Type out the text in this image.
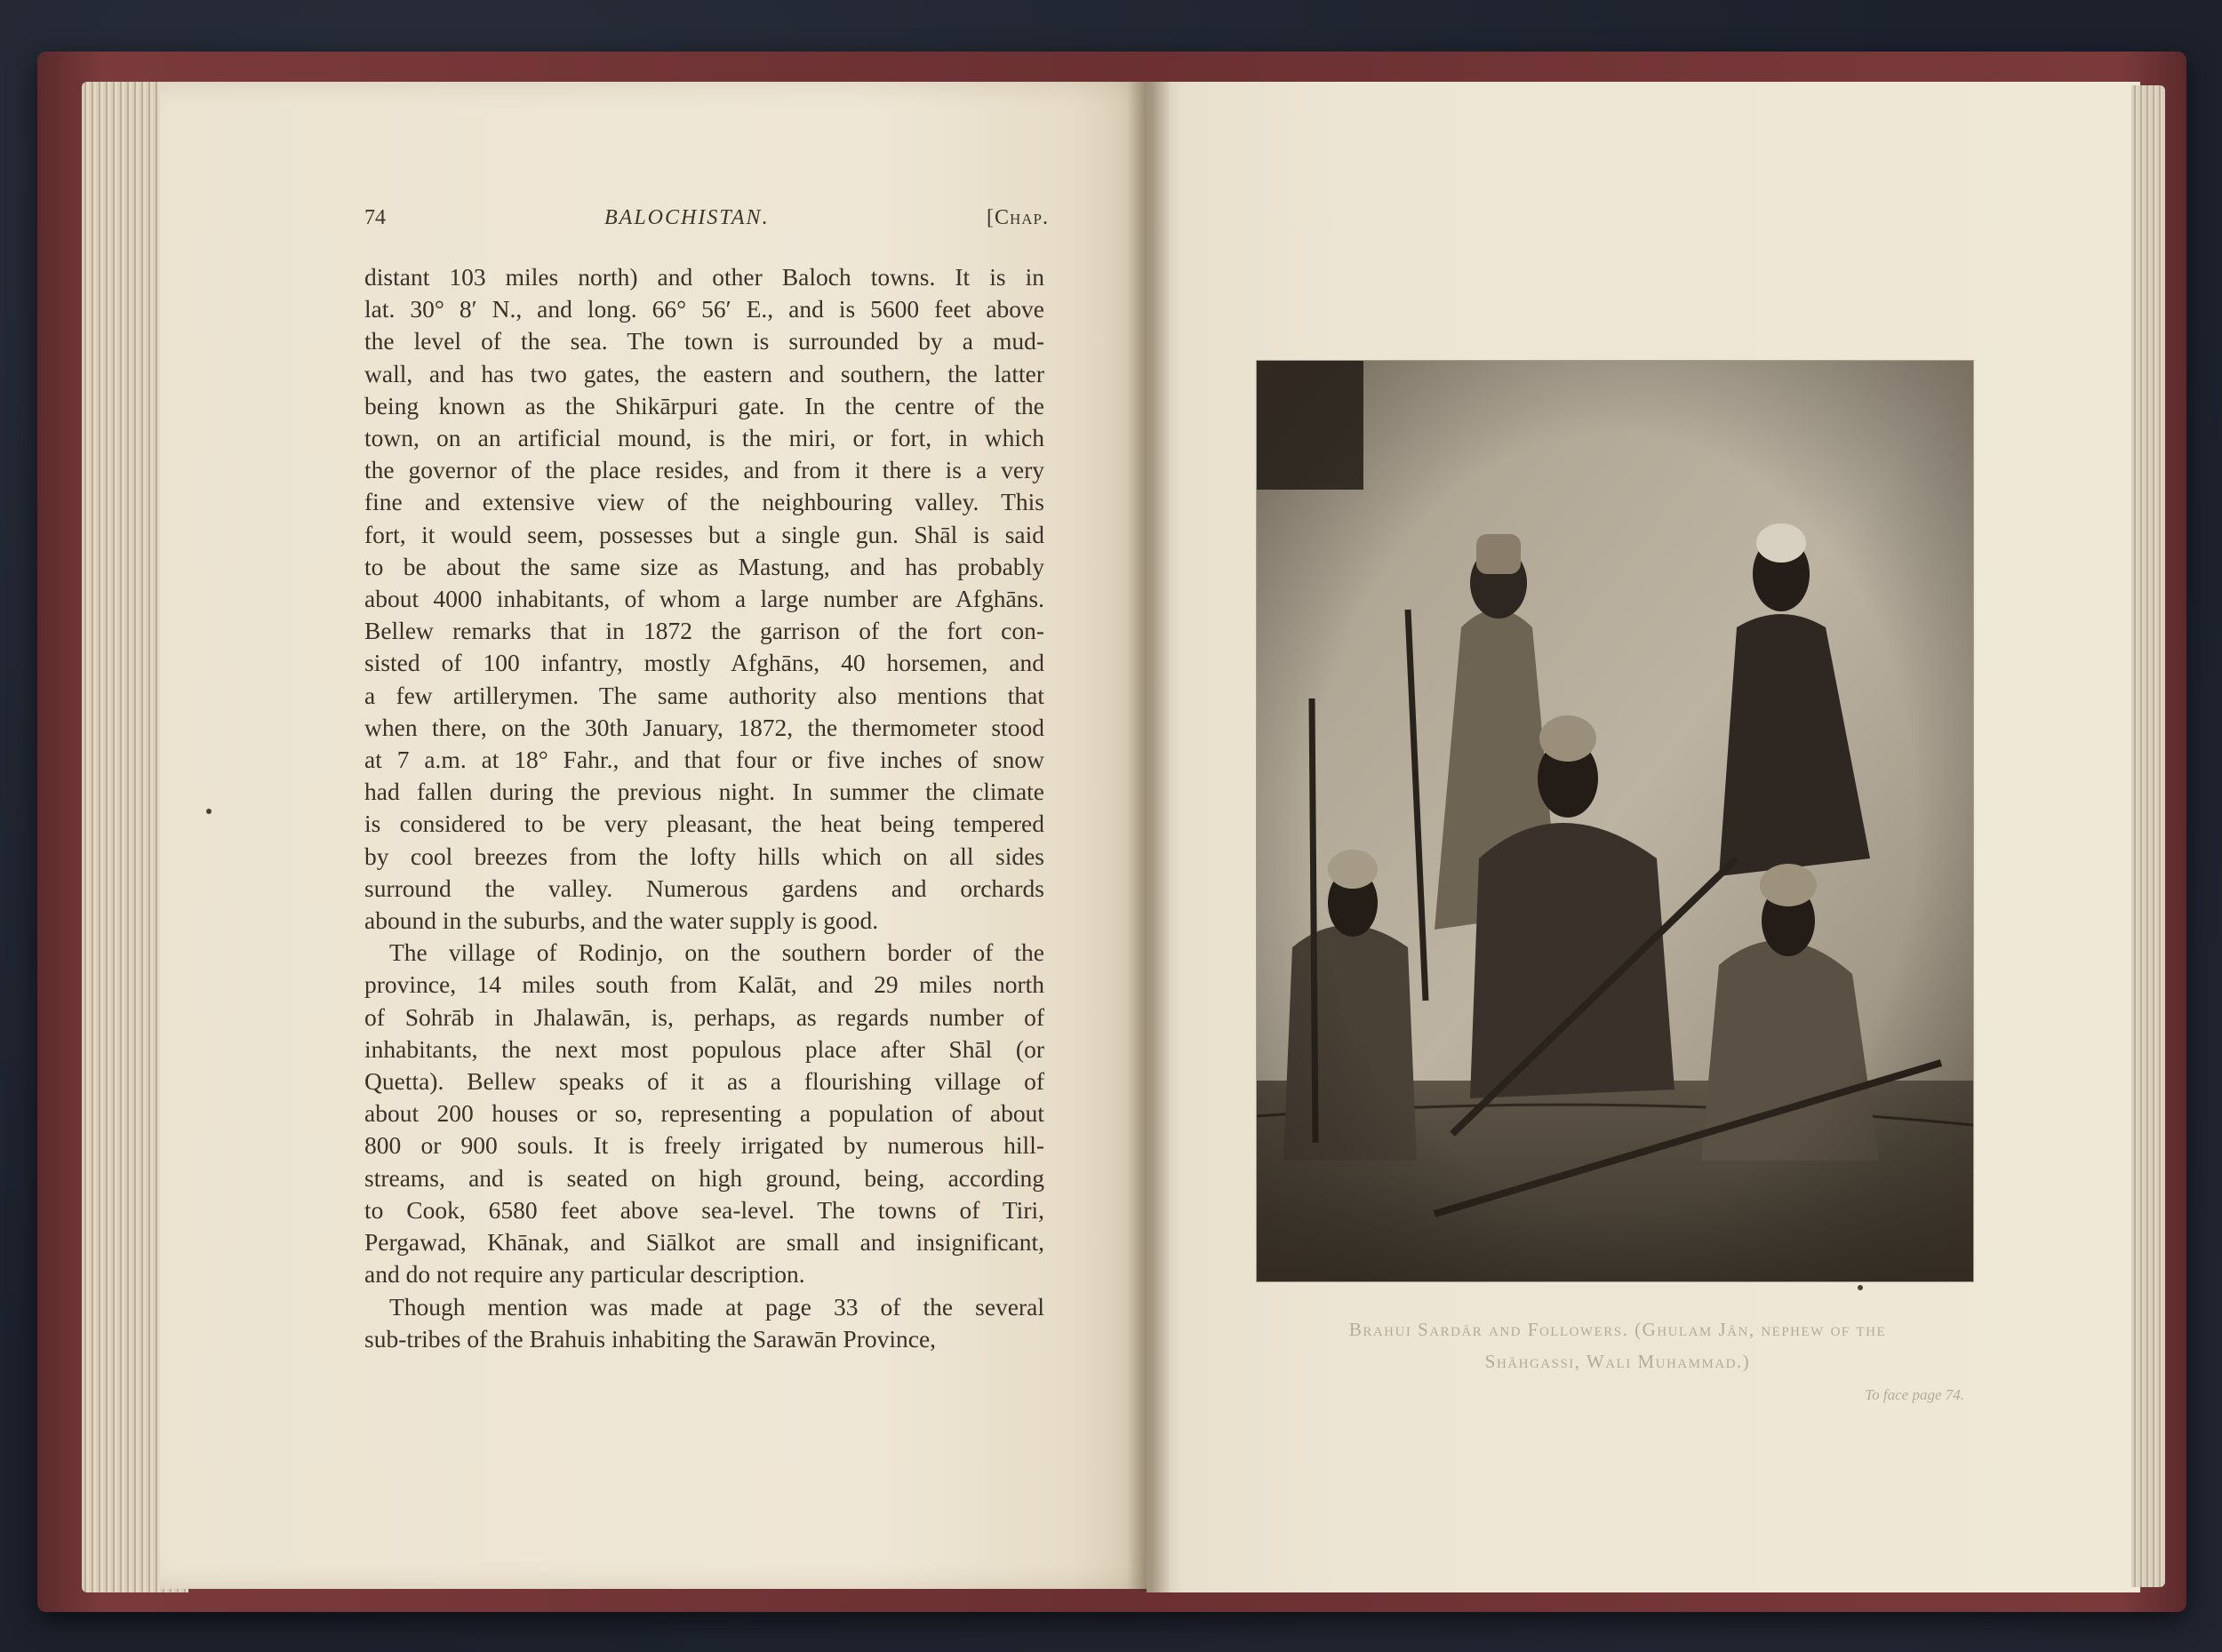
74	BALOCHISTAN.	[Chap.
distant 103 miles north) and other Baloch towns. It is in
lat. 30° 8′ N., and long. 66° 56′ E., and is 5600 feet above
the level of the sea. The town is surrounded by a mud-
wall, and has two gates, the eastern and southern, the latter
being known as the Shikārpuri gate. In the centre of the
town, on an artificial mound, is the miri, or fort, in which
the governor of the place resides, and from it there is a very
fine and extensive view of the neighbouring valley. This
fort, it would seem, possesses but a single gun. Shāl is said
to be about the same size as Mastung, and has probably
about 4000 inhabitants, of whom a large number are Afghāns.
Bellew remarks that in 1872 the garrison of the fort con-
sisted of 100 infantry, mostly Afghāns, 40 horsemen, and
a few artillerymen. The same authority also mentions that
when there, on the 30th January, 1872, the thermometer stood
at 7 a.m. at 18° Fahr., and that four or five inches of snow
had fallen during the previous night. In summer the climate
is considered to be very pleasant, the heat being tempered
by cool breezes from the lofty hills which on all sides
surround the valley. Numerous gardens and orchards
abound in the suburbs, and the water supply is good.
The village of Rodinjo, on the southern border of the
province, 14 miles south from Kalāt, and 29 miles north
of Sohrāb in Jhalawān, is, perhaps, as regards number of
inhabitants, the next most populous place after Shāl (or
Quetta). Bellew speaks of it as a flourishing village of
about 200 houses or so, representing a population of about
800 or 900 souls. It is freely irrigated by numerous hill-
streams, and is seated on high ground, being, according
to Cook, 6580 feet above sea-level. The towns of Tiri,
Pergawad, Khānak, and Siālkot are small and insignificant,
and do not require any particular description.
Though mention was made at page 33 of the several
sub-tribes of the Brahuis inhabiting the Sarawān Province,	Brahui Sardār and Followers. (Ghulam Jān, nephew of the
Shāhgassi, Wali Muhammad.)
To face page 74.
